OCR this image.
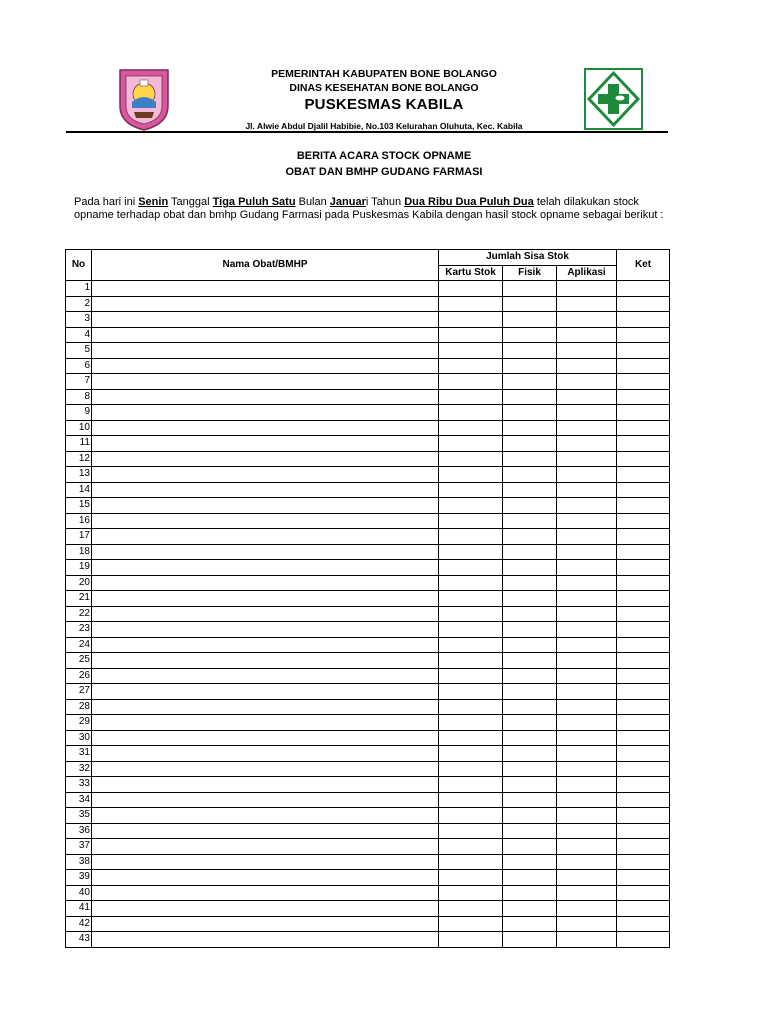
PEMERINTAH KABUPATEN BONE BOLANGO
DINAS KESEHATAN BONE BOLANGO
PUSKESMAS KABILA
Jl. Alwie Abdul Djalil Habibie, No.103 Kelurahan Oluhuta, Kec. Kabila
BERITA ACARA STOCK OPNAME
OBAT DAN BMHP GUDANG FARMASI
Pada hari ini Senin Tanggal Tiga Puluh Satu Bulan Januari Tahun Dua Ribu Dua Puluh Dua telah dilakukan stock opname terhadap obat dan bmhp Gudang Farmasi pada Puskesmas Kabila dengan hasil stock opname sebagai berikut :
No	Nama Obat/BMHP	Jumlah Sisa Stok			Ket
		Kartu Stok	Fisik	Aplikasi	
1					
2					
3					
4					
5					
6					
7					
8					
9					
10					
11					
12					
13					
14					
15					
16					
17					
18					
19					
20					
21					
22					
23					
24					
25					
26					
27					
28					
29					
30					
31					
32					
33					
34					
35					
36					
37					
38					
39					
40					
41					
42					
43					
